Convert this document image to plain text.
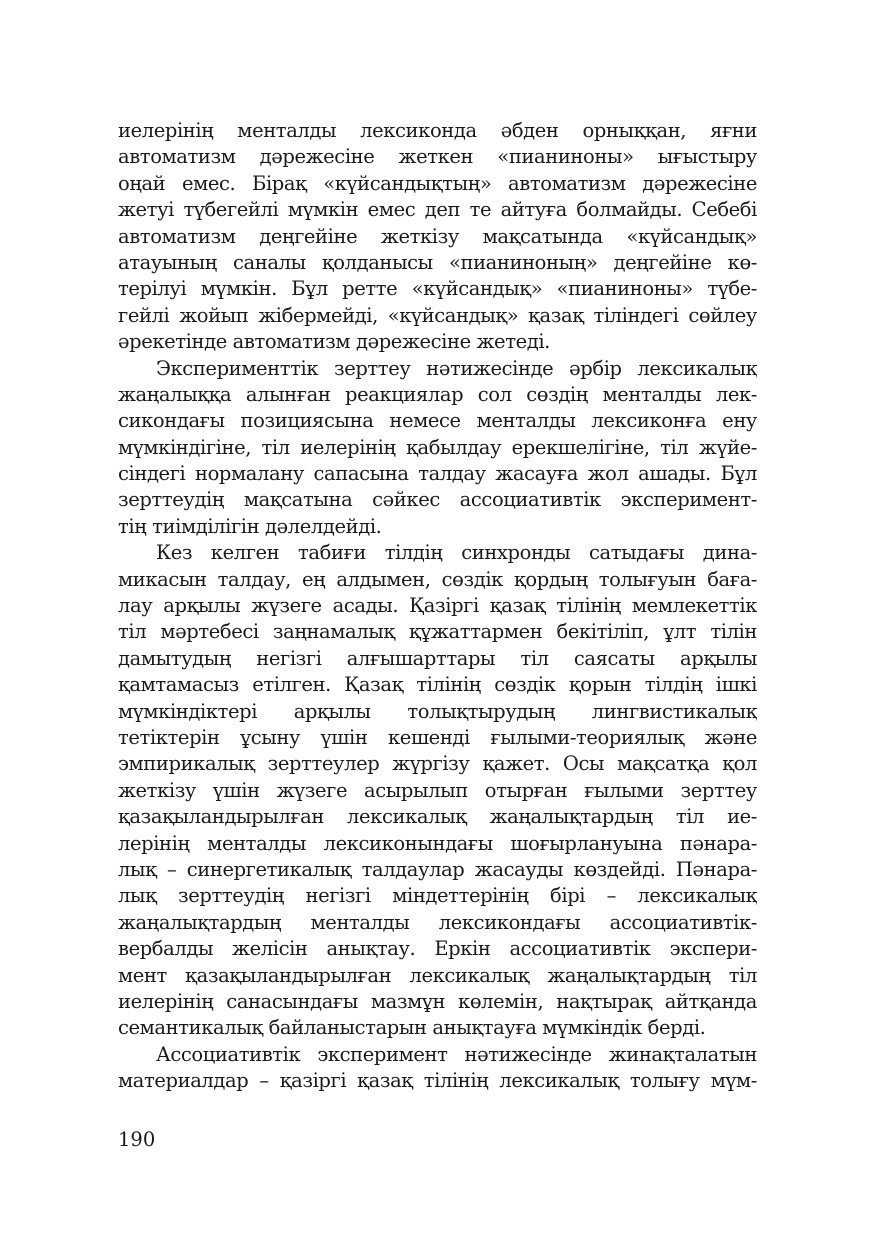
иелерінің менталды лексиконда әбден орныққан, яғни
автоматизм дәрежесіне жеткен «пианиноны» ығыстыру
оңай емес. Бірақ «күйсандықтың» автоматизм дәрежесіне
жетуі түбегейлі мүмкін емес деп те айтуға болмайды. Себебі
автоматизм деңгейіне жеткізу мақсатында «күйсандық»
атауының саналы қолданысы «пианиноның» деңгейіне кө-
терілуі мүмкін. Бұл ретте «күйсандық» «пианиноны» түбе-
гейлі жойып жібермейді, «күйсандық» қазақ тіліндегі сөйлеу
әрекетінде автоматизм дәрежесіне жетеді.
Эксперименттік зерттеу нәтижесінде әрбір лексикалық
жаңалыққа алынған реакциялар сол сөздің менталды лек-
сикондағы позициясына немесе менталды лексиконға ену
мүмкіндігіне, тіл иелерінің қабылдау ерекшелігіне, тіл жүйе-
сіндегі нормалану сапасына талдау жасауға жол ашады. Бұл
зерттеудің мақсатына сәйкес ассоциативтік эксперимент-
тің тиімділігін дәлелдейді.
Кез келген табиғи тілдің синхронды сатыдағы дина-
микасын талдау, ең алдымен, сөздік қордың толығуын баға-
лау арқылы жүзеге асады. Қазіргі қазақ тілінің мемлекеттік
тіл мәртебесі заңнамалық құжаттармен бекітіліп, ұлт тілін
дамытудың негізгі алғышарттары тіл саясаты арқылы
қамтамасыз етілген. Қазақ тілінің сөздік қорын тілдің ішкі
мүмкіндіктері арқылы толықтырудың лингвистикалық
тетіктерін ұсыну үшін кешенді ғылыми-теориялық және
эмпирикалық зерттеулер жүргізу қажет. Осы мақсатқа қол
жеткізу үшін жүзеге асырылып отырған ғылыми зерттеу
қазақыландырылған лексикалық жаңалықтардың тіл ие-
лерінің менталды лексиконындағы шоғырлануына пәнара-
лық – синергетикалық талдаулар жасауды көздейді. Пәнара-
лық зерттеудің негізгі міндеттерінің бірі – лексикалық
жаңалықтардың менталды лексикондағы ассоциативтік-
вербалды желісін анықтау. Еркін ассоциативтік экспери-
мент қазақыландырылған лексикалық жаңалықтардың тіл
иелерінің санасындағы мазмұн көлемін, нақтырақ айтқанда
семантикалық байланыстарын анықтауға мүмкіндік берді.
Ассоциативтік эксперимент нәтижесінде жинақталатын
материалдар – қазіргі қазақ тілінің лексикалық толығу мүм-
190
